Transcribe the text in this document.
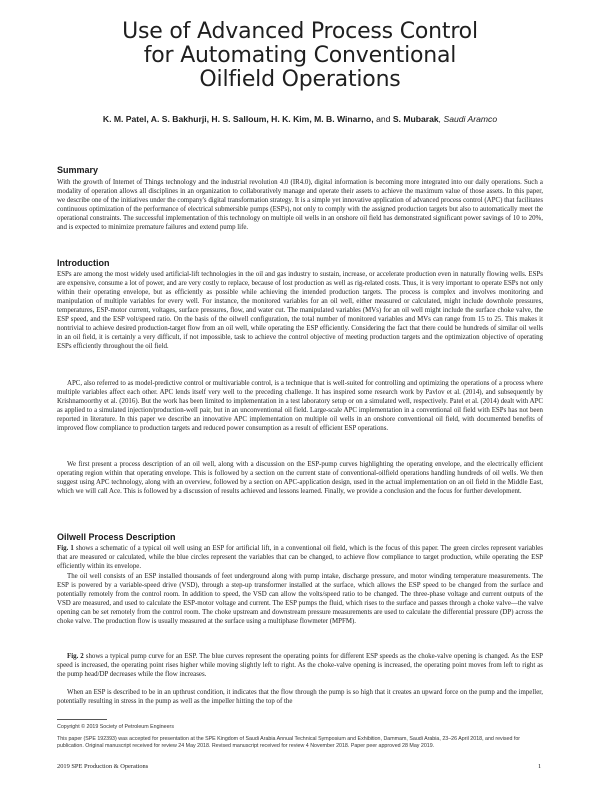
Use of Advanced Process Control
for Automating Conventional
Oilfield Operations
K. M. Patel, A. S. Bakhurji, H. S. Salloum, H. K. Kim, M. B. Winarno, and S. Mubarak, Saudi Aramco
Summary

With the growth of Internet of Things technology and the industrial revolution 4.0 (IR4.0), digital information is becoming more integrated into our daily operations. Such a modality of operation allows all disciplines in an organization to collaboratively manage and operate their assets to achieve the maximum value of those assets. In this paper, we describe one of the initiatives under the company's digital transformation strategy. It is a simple yet innovative application of advanced process control (APC) that facilitates continuous optimization of the performance of electrical submersible pumps (ESPs), not only to comply with the assigned production targets but also to automatically meet the operational constraints. The successful implementation of this technology on multiple oil wells in an onshore oil field has demonstrated significant power savings of 10 to 20%, and is expected to minimize premature failures and extend pump life.

Introduction

ESPs are among the most widely used artificial-lift technologies in the oil and gas industry to sustain, increase, or accelerate production even in naturally flowing wells. ESPs are expensive, consume a lot of power, and are very costly to replace, because of lost production as well as rig-related costs. Thus, it is very important to operate ESPs not only within their operating envelope, but as efficiently as possible while achieving the intended production targets. The process is complex and involves monitoring and manipulation of multiple variables for every well. For instance, the monitored variables for an oil well, either measured or calculated, might include downhole pressures, temperatures, ESP-motor current, voltages, surface pressures, flow, and water cut. The manipulated variables (MVs) for an oil well might include the surface choke valve, the ESP speed, and the ESP volt/speed ratio. On the basis of the oilwell configuration, the total number of monitored variables and MVs can range from 15 to 25. This makes it nontrivial to achieve desired production-target flow from an oil well, while operating the ESP efficiently. Considering the fact that there could be hundreds of similar oil wells in an oil field, it is certainly a very difficult, if not impossible, task to achieve the control objective of meeting production targets and the optimization objective of operating ESPs efficiently throughout the oil field.

APC, also referred to as model-predictive control or multivariable control, is a technique that is well-suited for controlling and optimizing the operations of a process where multiple variables affect each other. APC lends itself very well to the preceding challenge. It has inspired some research work by Pavlov et al. (2014), and subsequently by Krishnamoorthy et al. (2016). But the work has been limited to implementation in a test laboratory setup or on a simulated well, respectively. Patel et al. (2014) dealt with APC as applied to a simulated injection/production-well pair, but in an unconventional oil field. Large-scale APC implementation in a conventional oil field with ESPs has not been reported in literature. In this paper we describe an innovative APC implementation on multiple oil wells in an onshore conventional oil field, with documented benefits of improved flow compliance to production targets and reduced power consumption as a result of efficient ESP operations.

We first present a process description of an oil well, along with a discussion on the ESP-pump curves highlighting the operating envelope, and the electrically efficient operating region within that operating envelope. This is followed by a section on the current state of conventional-oilfield operations handling hundreds of oil wells. We then suggest using APC technology, along with an overview, followed by a section on APC-application design, used in the actual implementation on an oil field in the Middle East, which we will call Ace. This is followed by a discussion of results achieved and lessons learned. Finally, we provide a conclusion and the focus for further development.

Oilwell Process Description

Fig. 1 shows a schematic of a typical oil well using an ESP for artificial lift, in a conventional oil field, which is the focus of this paper. The green circles represent variables that are measured or calculated, while the blue circles represent the variables that can be changed, to achieve flow compliance to target production, while operating the ESP efficiently within its envelope.

The oil well consists of an ESP installed thousands of feet underground along with pump intake, discharge pressure, and motor winding temperature measurements. The ESP is powered by a variable-speed drive (VSD), through a step-up transformer installed at the surface, which allows the ESP speed to be changed from the surface and potentially remotely from the control room. In addition to speed, the VSD can allow the volts/speed ratio to be changed. The three-phase voltage and current outputs of the VSD are measured, and used to calculate the ESP-motor voltage and current. The ESP pumps the fluid, which rises to the surface and passes through a choke valve—the valve opening can be set remotely from the control room. The choke upstream and downstream pressure measurements are used to calculate the differential pressure (DP) across the choke valve. The production flow is usually measured at the surface using a multiphase flowmeter (MPFM).

Fig. 2 shows a typical pump curve for an ESP. The blue curves represent the operating points for different ESP speeds as the choke-valve opening is changed. As the ESP speed is increased, the operating point rises higher while moving slightly left to right. As the choke-valve opening is increased, the operating point moves from left to right as the pump head/DP decreases while the flow increases.

When an ESP is described to be in an upthrust condition, it indicates that the flow through the pump is so high that it creates an upward force on the pump and the impeller, potentially resulting in stress in the pump as well as the impeller hitting the top of the

Copyright © 2019 Society of Petroleum Engineers
This paper (SPE 192393) was accepted for presentation at the SPE Kingdom of Saudi Arabia Annual Technical Symposium and Exhibition, Dammam, Saudi Arabia, 23–26 April 2018, and revised for publication. Original manuscript received for review 24 May 2018. Revised manuscript received for review 4 November 2018. Paper peer approved 28 May 2019.
2019 SPE Production & Operations	1
